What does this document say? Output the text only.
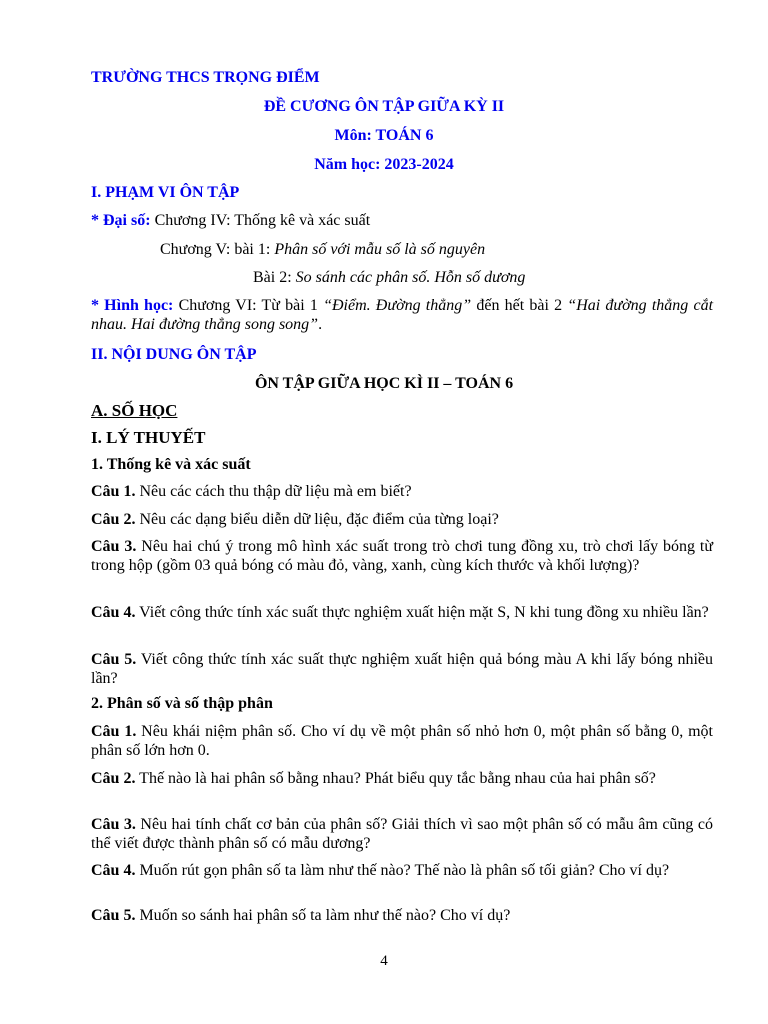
TRƯỜNG THCS TRỌNG ĐIỂM
ĐỀ CƯƠNG ÔN TẬP GIỮA KỲ II
Môn: TOÁN 6
Năm học: 2023-2024
I. PHẠM VI ÔN TẬP
* Đại số: Chương IV: Thống kê và xác suất
Chương V: bài 1: Phân số với mẫu số là số nguyên
Bài 2: So sánh các phân số. Hỗn số dương
* Hình học: Chương VI: Từ bài 1 “Điểm. Đường thẳng” đến hết bài 2 “Hai đường thẳng cắt nhau. Hai đường thẳng song song”.
II. NỘI DUNG ÔN TẬP
ÔN TẬP GIỮA HỌC KÌ II – TOÁN 6
A. SỐ HỌC
I. LÝ THUYẾT
1. Thống kê và xác suất
Câu 1. Nêu các cách thu thập dữ liệu mà em biết?
Câu 2. Nêu các dạng biểu diễn dữ liệu, đặc điểm của từng loại?
Câu 3. Nêu hai chú ý trong mô hình xác suất trong trò chơi tung đồng xu, trò chơi lấy bóng từ trong hộp (gồm 03 quả bóng có màu đỏ, vàng, xanh, cùng kích thước và khối lượng)?
Câu 4. Viết công thức tính xác suất thực nghiệm xuất hiện mặt S, N khi tung đồng xu nhiều lần?
Câu 5. Viết công thức tính xác suất thực nghiệm xuất hiện quả bóng màu A khi lấy bóng nhiều lần?
2. Phân số và số thập phân
Câu 1. Nêu khái niệm phân số. Cho ví dụ về một phân số nhỏ hơn 0, một phân số bằng 0, một phân số lớn hơn 0.
Câu 2. Thế nào là hai phân số bằng nhau? Phát biểu quy tắc bằng nhau của hai phân số?
Câu 3. Nêu hai tính chất cơ bản của phân số? Giải thích vì sao một phân số có mẫu âm cũng có thể viết được thành phân số có mẫu dương?
Câu 4. Muốn rút gọn phân số ta làm như thế nào? Thế nào là phân số tối giản? Cho ví dụ?
Câu 5. Muốn so sánh hai phân số ta làm như thế nào? Cho ví dụ?
4
